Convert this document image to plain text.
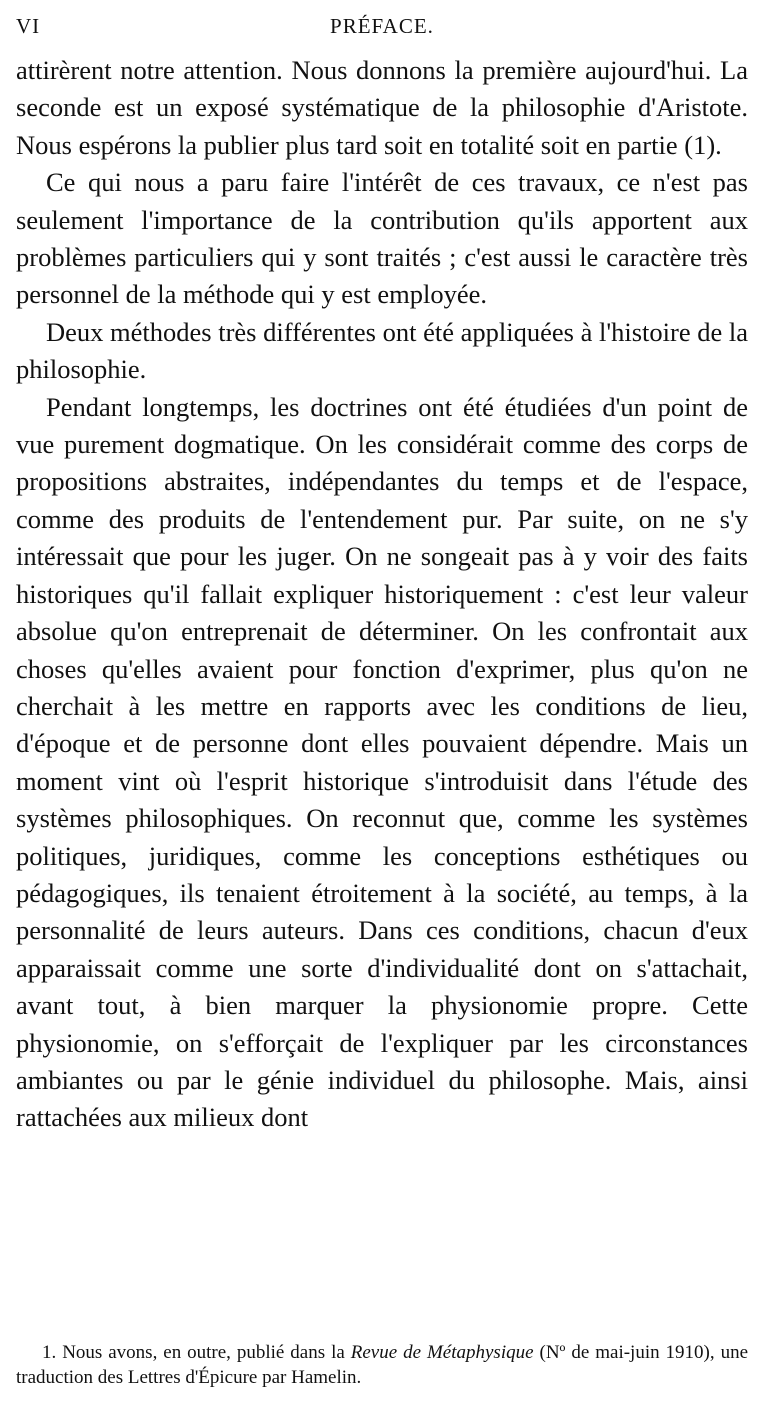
VI	PRÉFACE.

attirèrent notre attention. Nous donnons la première aujourd'hui. La seconde est un exposé systématique de la philosophie d'Aristote. Nous espérons la publier plus tard soit en totalité soit en partie (1).

Ce qui nous a paru faire l'intérêt de ces travaux, ce n'est pas seulement l'importance de la contribution qu'ils apportent aux problèmes particuliers qui y sont traités ; c'est aussi le caractère très personnel de la méthode qui y est employée.

Deux méthodes très différentes ont été appliquées à l'histoire de la philosophie.

Pendant longtemps, les doctrines ont été étudiées d'un point de vue purement dogmatique. On les considérait comme des corps de propositions abstraites, indépendantes du temps et de l'espace, comme des produits de l'entendement pur. Par suite, on ne s'y intéressait que pour les juger. On ne songeait pas à y voir des faits historiques qu'il fallait expliquer historiquement : c'est leur valeur absolue qu'on entreprenait de déterminer. On les confrontait aux choses qu'elles avaient pour fonction d'exprimer, plus qu'on ne cherchait à les mettre en rapports avec les conditions de lieu, d'époque et de personne dont elles pouvaient dépendre. Mais un moment vint où l'esprit historique s'introduisit dans l'étude des systèmes philosophiques. On reconnut que, comme les systèmes politiques, juridiques, comme les conceptions esthétiques ou pédagogiques, ils tenaient étroitement à la société, au temps, à la personnalité de leurs auteurs. Dans ces conditions, chacun d'eux apparaissait comme une sorte d'individualité dont on s'attachait, avant tout, à bien marquer la physionomie propre. Cette physionomie, on s'efforçait de l'expliquer par les circonstances ambiantes ou par le génie individuel du philosophe. Mais, ainsi rattachées aux milieux dont

1. Nous avons, en outre, publié dans la Revue de Métaphysique (Nº de mai-juin 1910), une traduction des Lettres d'Épicure par Hamelin.
